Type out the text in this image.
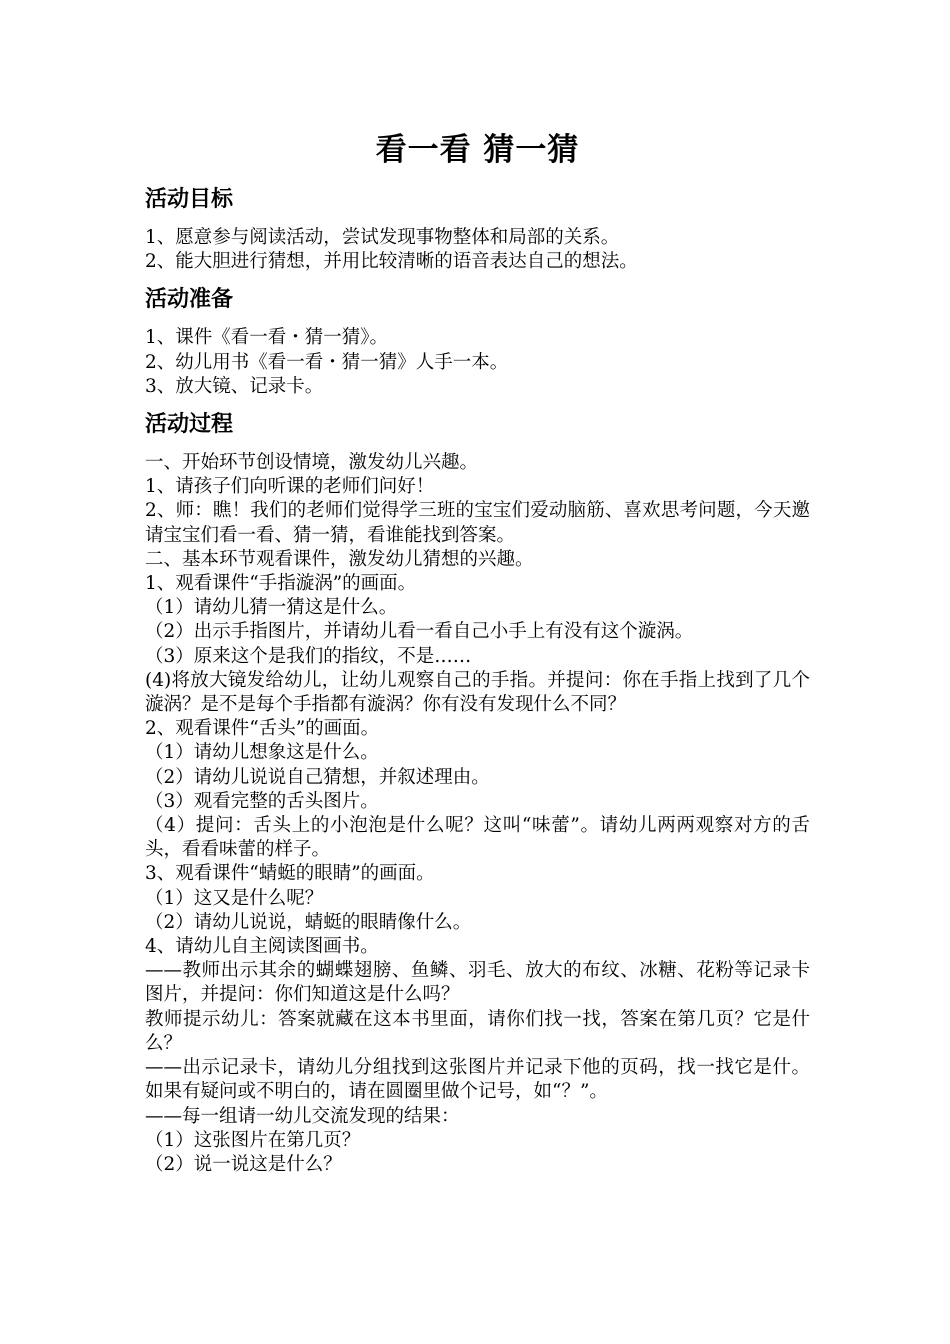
看一看 猜一猜
活动目标

1、愿意参与阅读活动，尝试发现事物整体和局部的关系。

2、能大胆进行猜想，并用比较清晰的语音表达自己的想法。

活动准备

1、课件《看一看・猜一猜》。

2、幼儿用书《看一看・猜一猜》人手一本。

3、放大镜、记录卡。

活动过程

一、开始环节创设情境，激发幼儿兴趣。

1、请孩子们向听课的老师们问好！

2、师：瞧！我们的老师们觉得学三班的宝宝们爱动脑筋、喜欢思考问题，今天邀请宝宝们看一看、猜一猜，看谁能找到答案。

二、基本环节观看课件，激发幼儿猜想的兴趣。

1、观看课件“手指漩涡”的画面。

（1）请幼儿猜一猜这是什么。

（2）出示手指图片，并请幼儿看一看自己小手上有没有这个漩涡。

（3）原来这个是我们的指纹，不是……

(4)将放大镜发给幼儿，让幼儿观察自己的手指。并提问：你在手指上找到了几个漩涡？是不是每个手指都有漩涡？你有没有发现什么不同？

2、观看课件“舌头”的画面。

（1）请幼儿想象这是什么。

（2）请幼儿说说自己猜想，并叙述理由。

（3）观看完整的舌头图片。

（4）提问：舌头上的小泡泡是什么呢？这叫“味蕾”。请幼儿两两观察对方的舌头，看看味蕾的样子。

3、观看课件“蜻蜓的眼睛”的画面。

（1）这又是什么呢？

（2）请幼儿说说，蜻蜓的眼睛像什么。

4、请幼儿自主阅读图画书。

——教师出示其余的蝴蝶翅膀、鱼鳞、羽毛、放大的布纹、冰糖、花粉等记录卡图片，并提问：你们知道这是什么吗？

教师提示幼儿：答案就藏在这本书里面，请你们找一找，答案在第几页？它是什么？

——出示记录卡，请幼儿分组找到这张图片并记录下他的页码，找一找它是什。如果有疑问或不明白的，请在圆圈里做个记号，如“？”。

——每一组请一幼儿交流发现的结果：

（1）这张图片在第几页？

（2）说一说这是什么？
